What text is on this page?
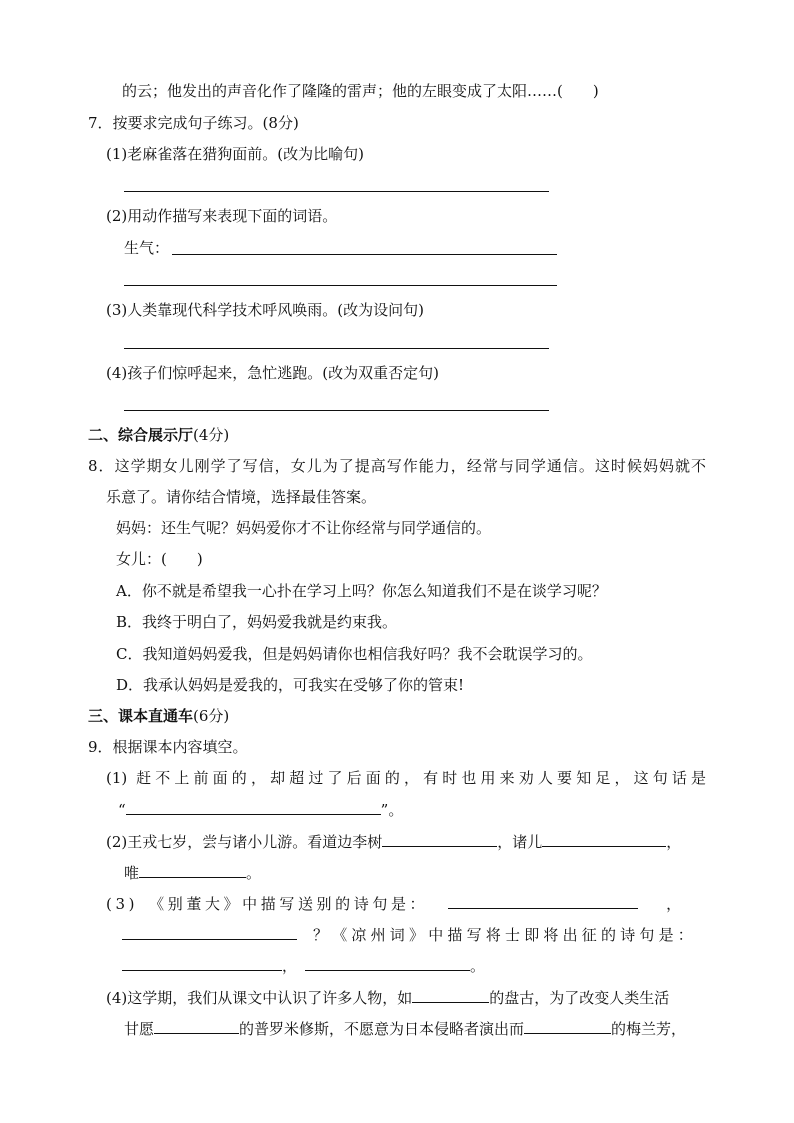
的云；他发出的声音化作了隆隆的雷声；他的左眼变成了太阳……(　　)
7．按要求完成句子练习。(8分)
(1)老麻雀落在猎狗面前。(改为比喻句)
(2)用动作描写来表现下面的词语。
生气：
(3)人类靠现代科学技术呼风唤雨。(改为设问句)
(4)孩子们惊呼起来，急忙逃跑。(改为双重否定句)
二、综合展示厅(4分)
8．这学期女儿刚学了写信，女儿为了提高写作能力，经常与同学通信。这时候妈妈就不
乐意了。请你结合情境，选择最佳答案。
妈妈：还生气呢？妈妈爱你才不让你经常与同学通信的。
女儿：(　　)
A．你不就是希望我一心扑在学习上吗？你怎么知道我们不是在谈学习呢？
B．我终于明白了，妈妈爱我就是约束我。
C．我知道妈妈爱我，但是妈妈请你也相信我好吗？我不会耽误学习的。
D．我承认妈妈是爱我的，可我实在受够了你的管束!
三、课本直通车(6分)
9．根据课本内容填空。
(1) 赶不上前面的，却超过了后面的，有时也用来劝人要知足，这句话是
“	”。
(2)王戎七岁，尝与诸小儿游。看道边李树	，诸儿	，
唯	。
(3)　《别董大》中描写送别的诗句是：	，
？《凉州词》中描写将士即将出征的诗句是：
，	。
(4)这学期，我们从课文中认识了许多人物，如	的盘古，为了改变人类生活
甘愿	的普罗米修斯，不愿意为日本侵略者演出而	的梅兰芳，
